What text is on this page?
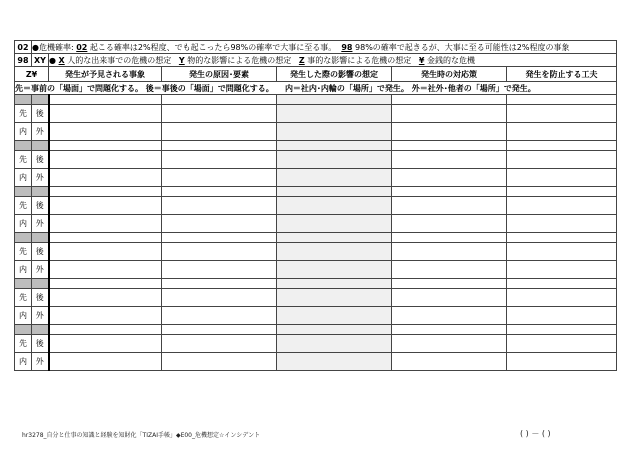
02	●危機確率: 02 起こる確率は2%程度、でも起こったら98%の確率で大事に至る事。 98 98%の確率で起きるが、大事に至る可能性は2%程度の事象					
98	XY	● X 人的な出来事での危機の想定 Y 物的な影響による危機の想定 Z 事的な影響による危機の想定 ¥ 金銭的な危機				
Z¥		発生が予見される事象	発生の原因･要素	発生した際の影響の想定	発生時の対応策	発生を防止する工夫
先＝事前の「場面」で問題化する。 後＝事後の「場面」で問題化する。 内＝社内･内輪の「場所」で発生。 外＝社外･他者の「場所」で発生。						

先	後					
内	外					

先	後					
内	外					

先	後					
内	外					

先	後					
内	外					

先	後					
内	外					

先	後					
内	外					
hr3278_自分と仕事の知識と経験を知財化「TIZAI手帳」◆E00_危機想定☆インシデント	( ) － ( )
